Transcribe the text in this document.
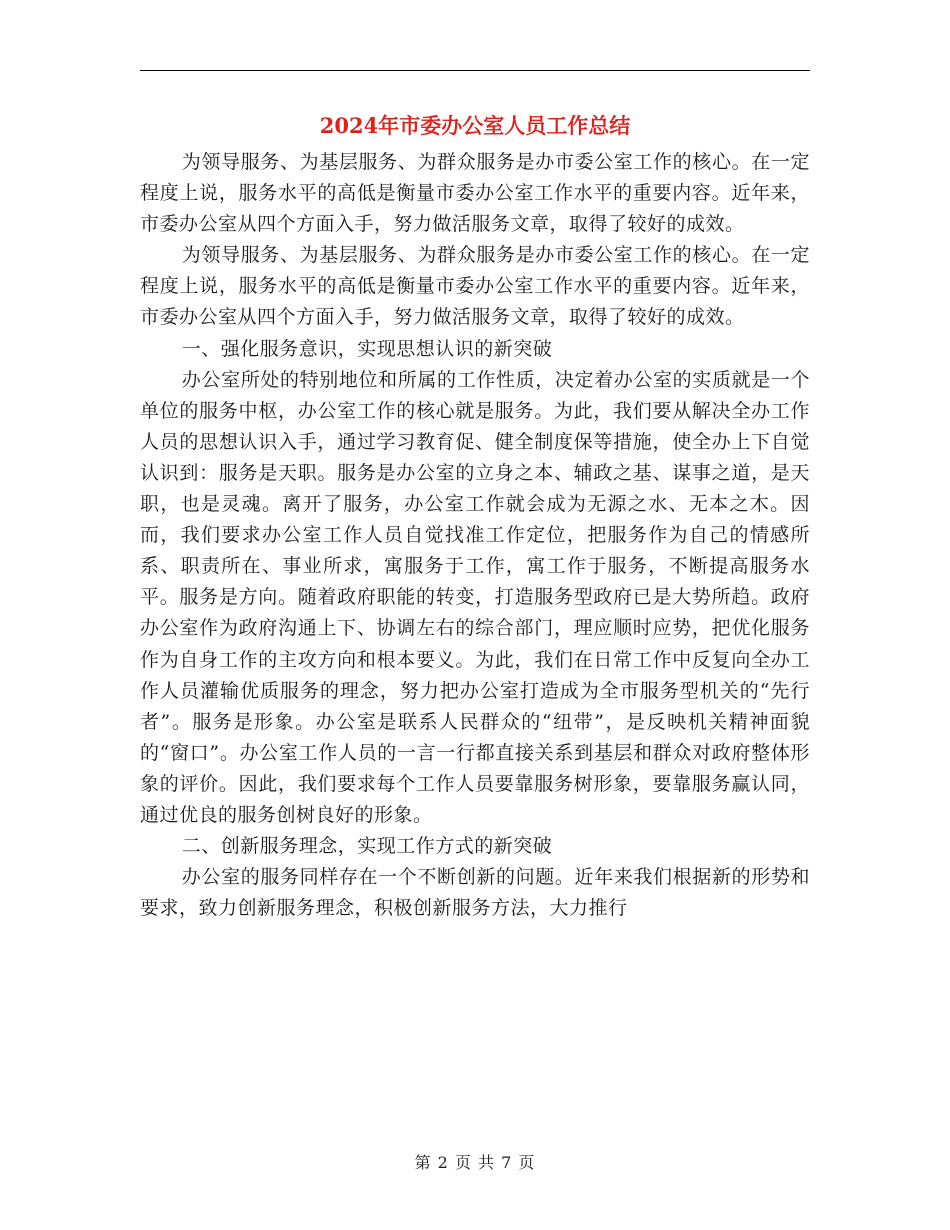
2024年市委办公室人员工作总结

为领导服务、为基层服务、为群众服务是办市委公室工作的核心。在一定程度上说，服务水平的高低是衡量市委办公室工作水平的重要内容。近年来，市委办公室从四个方面入手，努力做活服务文章，取得了较好的成效。

为领导服务、为基层服务、为群众服务是办市委公室工作的核心。在一定程度上说，服务水平的高低是衡量市委办公室工作水平的重要内容。近年来，市委办公室从四个方面入手，努力做活服务文章，取得了较好的成效。

一、强化服务意识，实现思想认识的新突破

办公室所处的特别地位和所属的工作性质，决定着办公室的实质就是一个单位的服务中枢，办公室工作的核心就是服务。为此，我们要从解决全办工作人员的思想认识入手，通过学习教育促、健全制度保等措施，使全办上下自觉认识到：服务是天职。服务是办公室的立身之本、辅政之基、谋事之道，是天职，也是灵魂。离开了服务，办公室工作就会成为无源之水、无本之木。因而，我们要求办公室工作人员自觉找准工作定位，把服务作为自己的情感所系、职责所在、事业所求，寓服务于工作，寓工作于服务，不断提高服务水平。服务是方向。随着政府职能的转变，打造服务型政府已是大势所趋。政府办公室作为政府沟通上下、协调左右的综合部门，理应顺时应势，把优化服务作为自身工作的主攻方向和根本要义。为此，我们在日常工作中反复向全办工作人员灌输优质服务的理念，努力把办公室打造成为全市服务型机关的“先行者”。服务是形象。办公室是联系人民群众的“纽带”，是反映机关精神面貌的“窗口”。办公室工作人员的一言一行都直接关系到基层和群众对政府整体形象的评价。因此，我们要求每个工作人员要靠服务树形象，要靠服务赢认同，通过优良的服务创树良好的形象。

二、创新服务理念，实现工作方式的新突破

办公室的服务同样存在一个不断创新的问题。近年来我们根据新的形势和要求，致力创新服务理念，积极创新服务方法，大力推行

第 2 页 共 7 页
